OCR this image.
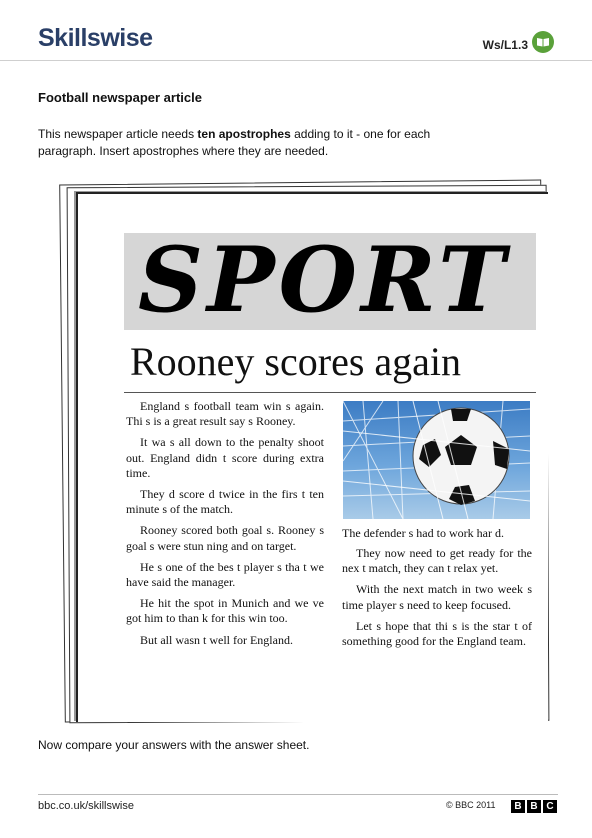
Skillswise	Ws/L1.3
Football newspaper article
This newspaper article needs ten apostrophes adding to it - one for each paragraph. Insert apostrophes where they are needed.
SPORT
Rooney scores again

England s football team win s again. Thi s is a great result say s Rooney.

It wa s all down to the penalty shoot out. England didn t score during extra time.

They d score d twice in the firs t ten minute s of the match.

Rooney scored both goal s. Rooney s goal s were stun ning and on target.

He s one of the bes t player s tha t we have said the manager.

He hit the spot in Munich and we ve got him to than k for this win too.

But all wasn t well for England.

The defender s had to work har d.

They now need to get ready for the nex t match, they can t relax yet.

With the next match in two week s time player s need to keep focused.

Let s hope that thi s is the star t of something good for the England team.

Now compare your answers with the answer sheet.
bbc.co.uk/skillswise	© BBC 2011	B B C
